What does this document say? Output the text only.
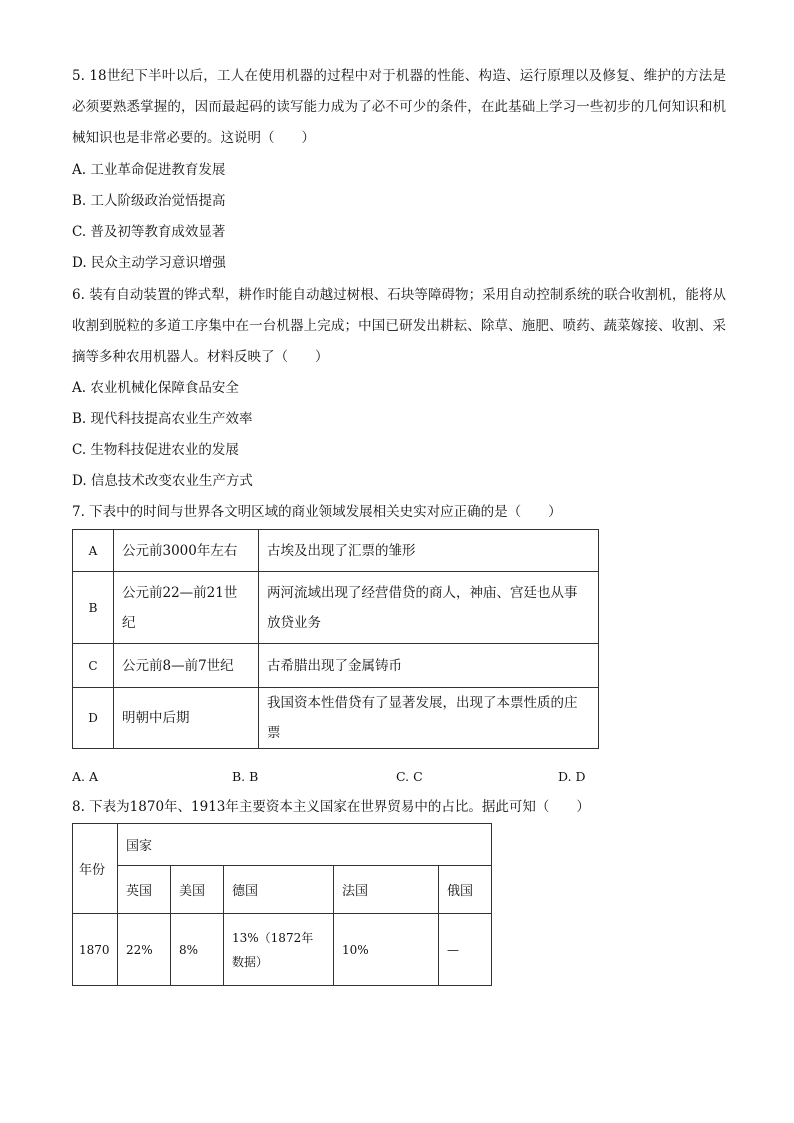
5. 18世纪下半叶以后，工人在使用机器的过程中对于机器的性能、构造、运行原理以及修复、维护的方法是必须要熟悉掌握的，因而最起码的读写能力成为了必不可少的条件，在此基础上学习一些初步的几何知识和机械知识也是非常必要的。这说明（　　）
A. 工业革命促进教育发展
B. 工人阶级政治觉悟提高
C. 普及初等教育成效显著
D. 民众主动学习意识增强
6. 装有自动装置的铧式犁，耕作时能自动越过树根、石块等障碍物；采用自动控制系统的联合收割机，能将从收割到脱粒的多道工序集中在一台机器上完成；中国已研发出耕耘、除草、施肥、喷药、蔬菜嫁接、收割、采摘等多种农用机器人。材料反映了（　　）
A. 农业机械化保障食品安全
B. 现代科技提高农业生产效率
C. 生物科技促进农业的发展
D. 信息技术改变农业生产方式
7. 下表中的时间与世界各文明区域的商业领域发展相关史实对应正确的是（　　）
A	公元前3000年左右	古埃及出现了汇票的雏形
B	公元前22—前21世纪	两河流域出现了经营借贷的商人，神庙、宫廷也从事放贷业务
C	公元前8—前7世纪	古希腊出现了金属铸币
D	明朝中后期	我国资本性借贷有了显著发展，出现了本票性质的庄票
A. A	B. B	C. C	D. D
8. 下表为1870年、1913年主要资本主义国家在世界贸易中的占比。据此可知（　　）
年份	国家				
	英国	美国	德国	法国	俄国
1870	22%	8%	13%（1872年数据）	10%	—
